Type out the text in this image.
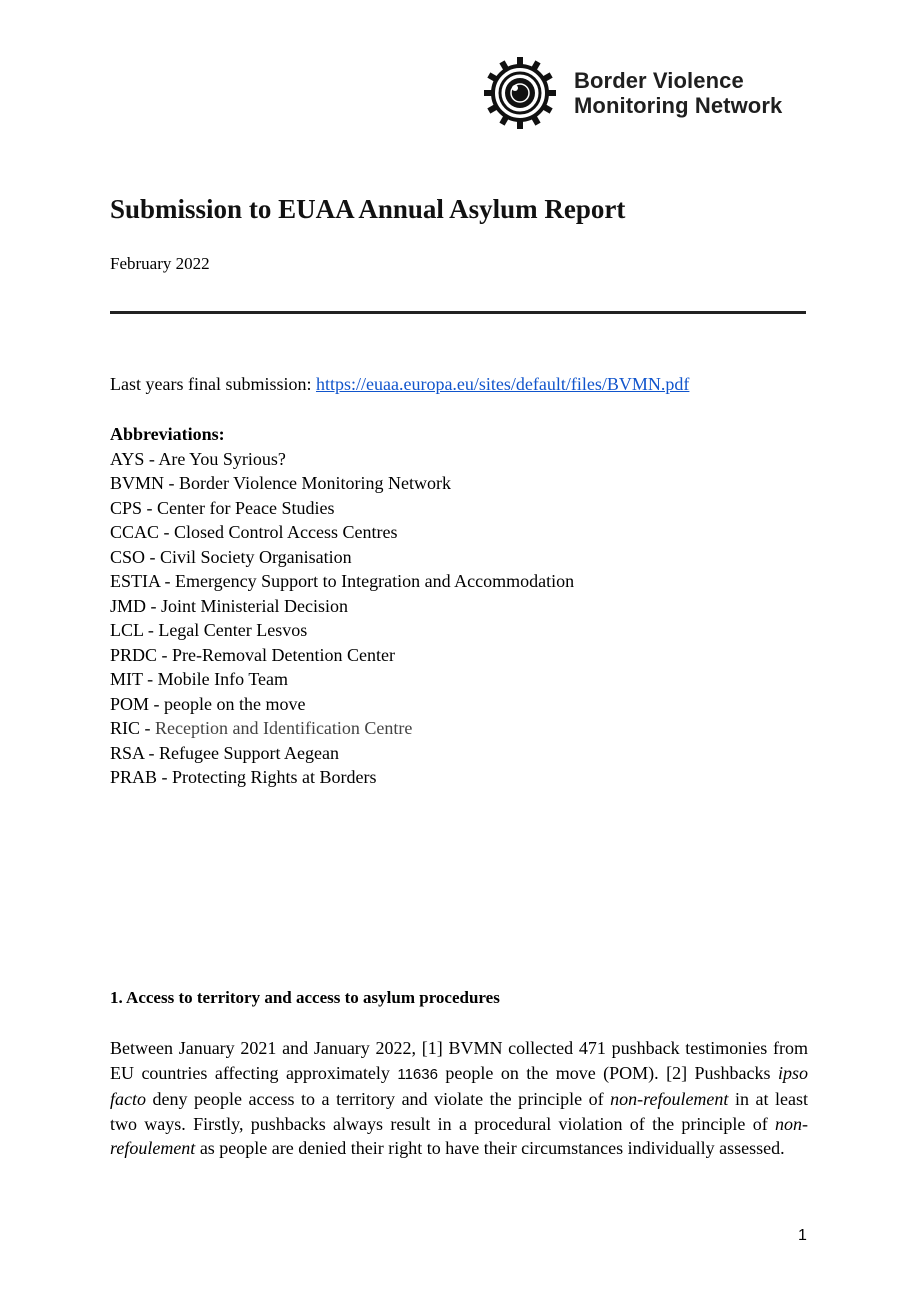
Border Violence
Monitoring Network
Submission to EUAA Annual Asylum Report
February 2022
Last years final submission: https://euaa.europa.eu/sites/default/files/BVMN.pdf
Abbreviations:
AYS - Are You Syrious?
BVMN - Border Violence Monitoring Network
CPS - Center for Peace Studies
CCAC - Closed Control Access Centres
CSO - Civil Society Organisation
ESTIA - Emergency Support to Integration and Accommodation
JMD - Joint Ministerial Decision
LCL - Legal Center Lesvos
PRDC - Pre-Removal Detention Center
MIT - Mobile Info Team
POM - people on the move
RIC - Reception and Identification Centre
RSA - Refugee Support Aegean
PRAB - Protecting Rights at Borders
1. Access to territory and access to asylum procedures

Between January 2021 and January 2022, [1] BVMN collected 471 pushback testimonies from EU countries affecting approximately 11636 people on the move (POM). [2] Pushbacks ipso facto deny people access to a territory and violate the principle of non-refoulement in at least two ways. Firstly, pushbacks always result in a procedural violation of the principle of non-refoulement as people are denied their right to have their circumstances individually assessed.

1
